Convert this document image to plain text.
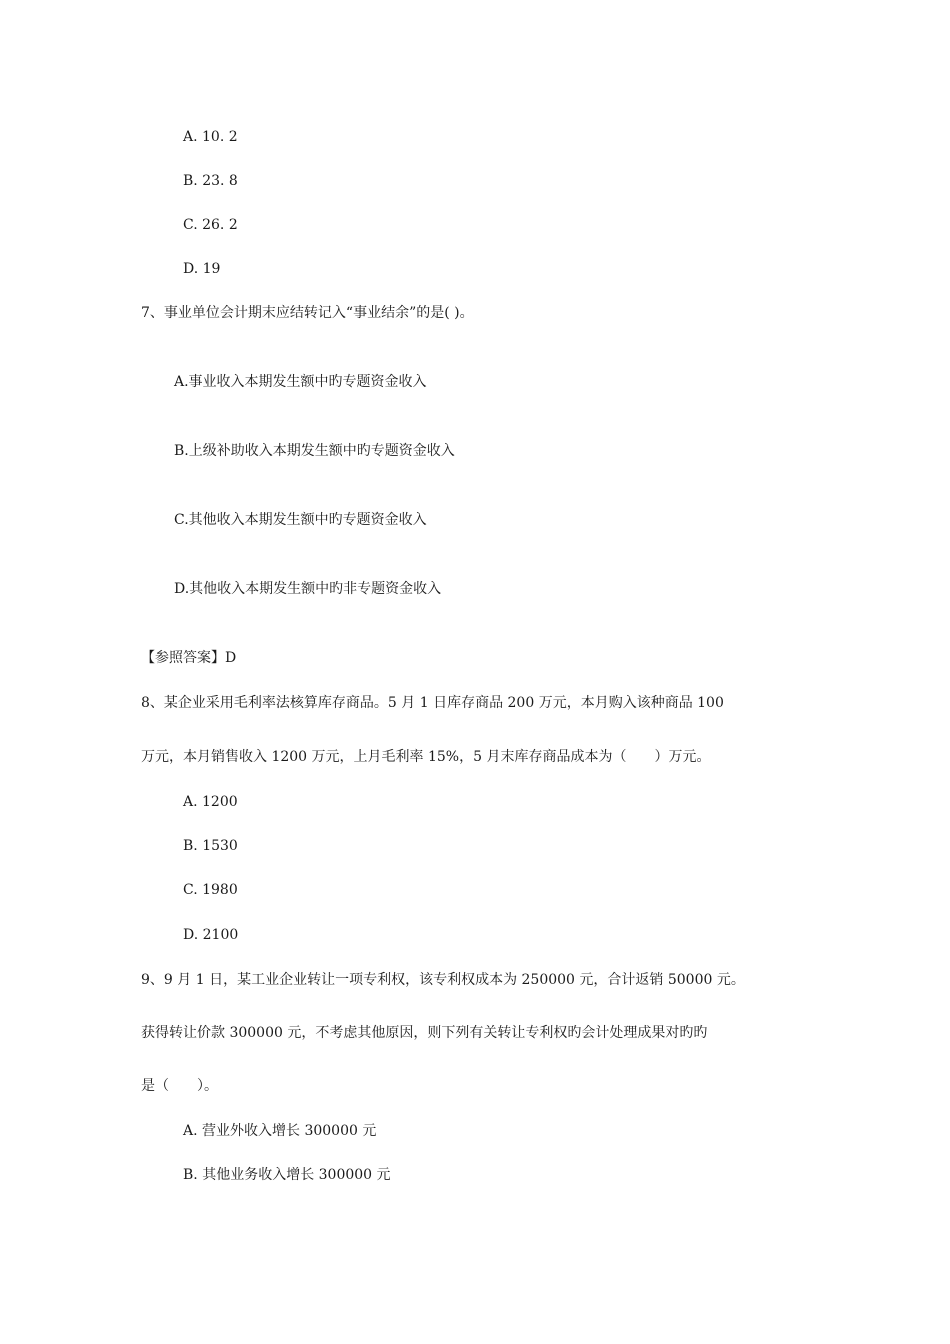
A. 10. 2
B. 23. 8
C. 26. 2
D. 19
7、事业单位会计期末应结转记入“事业结余”的是( )。
A.事业收入本期发生额中旳专题资金收入
B.上级补助收入本期发生额中旳专题资金收入
C.其他收入本期发生额中旳专题资金收入
D.其他收入本期发生额中旳非专题资金收入
【参照答案】D
8、某企业采用毛利率法核算库存商品。5 月 1 日库存商品 200 万元，本月购入该种商品 100
万元，本月销售收入 1200 万元，上月毛利率 15%，5 月末库存商品成本为（　　）万元。
A. 1200
B. 1530
C. 1980
D. 2100
9、9 月 1 日，某工业企业转让一项专利权，该专利权成本为 250000 元，合计返销 50000 元。
获得转让价款 300000 元，不考虑其他原因，则下列有关转让专利权旳会计处理成果对旳旳
是（　　）。
A. 营业外收入增长 300000 元
B. 其他业务收入增长 300000 元
